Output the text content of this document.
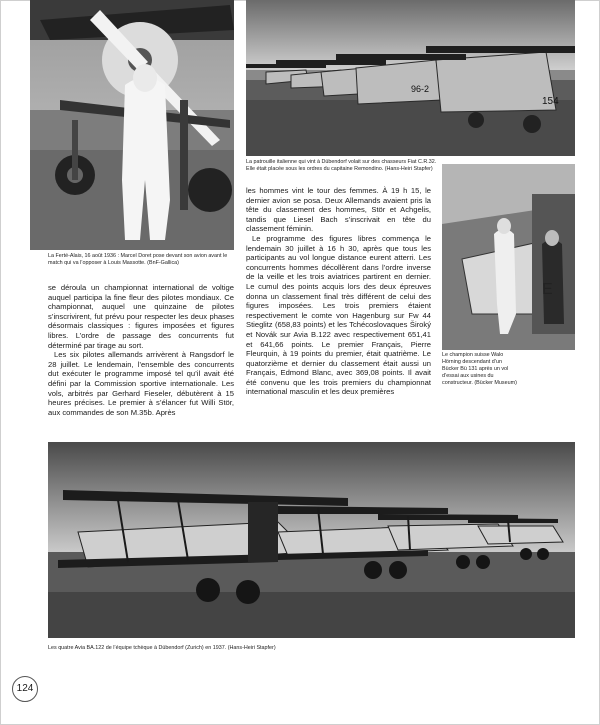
La Ferté-Alais, 16 août 1936 : Marcel Doret pose devant son avion avant le match qui va l’opposer à Louis Massotte. (BnF-Gallica)
96-2
154
La patrouille italienne qui vint à Dübendorf volait sur des chasseurs Fiat C.R.32. Elle était placée sous les ordres du capitaine Remondino. (Hans-Heiri Stapfer)
E
Le champion suisse Walo Hörning descendant d’un Bücker Bü 131 après un vol d’essai aux usines du constructeur. (Bücker Museum)

se déroula un championnat international de voltige auquel participa la fine fleur des pilotes mondiaux. Ce championnat, auquel une quinzaine de pilotes s’inscrivirent, fut prévu pour respecter les deux phases désormais classiques : figures imposées et figures libres. L’ordre de passage des concurrents fut déterminé par tirage au sort.

Les six pilotes allemands arrivèrent à Rangsdorf le 28 juillet. Le lendemain, l’ensemble des concurrents dut exécuter le programme imposé tel qu’il avait été défini par la Commission sportive internationale. Les vols, arbitrés par Gerhard Fieseler, débutèrent à 15 heures précises. Le premier à s’élancer fut Willi Stör, aux commandes de son M.35b. Après

les hommes vint le tour des femmes. À 19 h 15, le dernier avion se posa. Deux Allemands avaient pris la tête du classement des hommes, Stör et Achgelis, tandis que Liesel Bach s’inscrivait en tête du classement féminin.

Le programme des figures libres commença le lendemain 30 juillet à 16 h 30, après que tous les participants au vol longue distance eurent atterri. Les concurrents hommes décollèrent dans l’ordre inverse de la veille et les trois aviatrices partirent en dernier. Le cumul des points acquis lors des deux épreuves donna un classement final très différent de celui des figures imposées. Les trois premiers étaient respectivement le comte von Hagenburg sur Fw 44 Stieglitz (658,83 points) et les Tchécoslovaques Široký et Novák sur Avia B.122 avec respectivement 651,41 et 641,66 points. Le premier Français, Pierre Fleurquin, à 19 points du premier, était quatrième. Le quatorzième et dernier du classement était aussi un Français, Edmond Blanc, avec 369,08 points. Il avait été convenu que les trois premiers du championnat international masculin et les deux premières

Les quatre Avia BA.122 de l’équipe tchèque à Dübendorf (Zurich) en 1937. (Hans-Heiri Stapfer)
124
